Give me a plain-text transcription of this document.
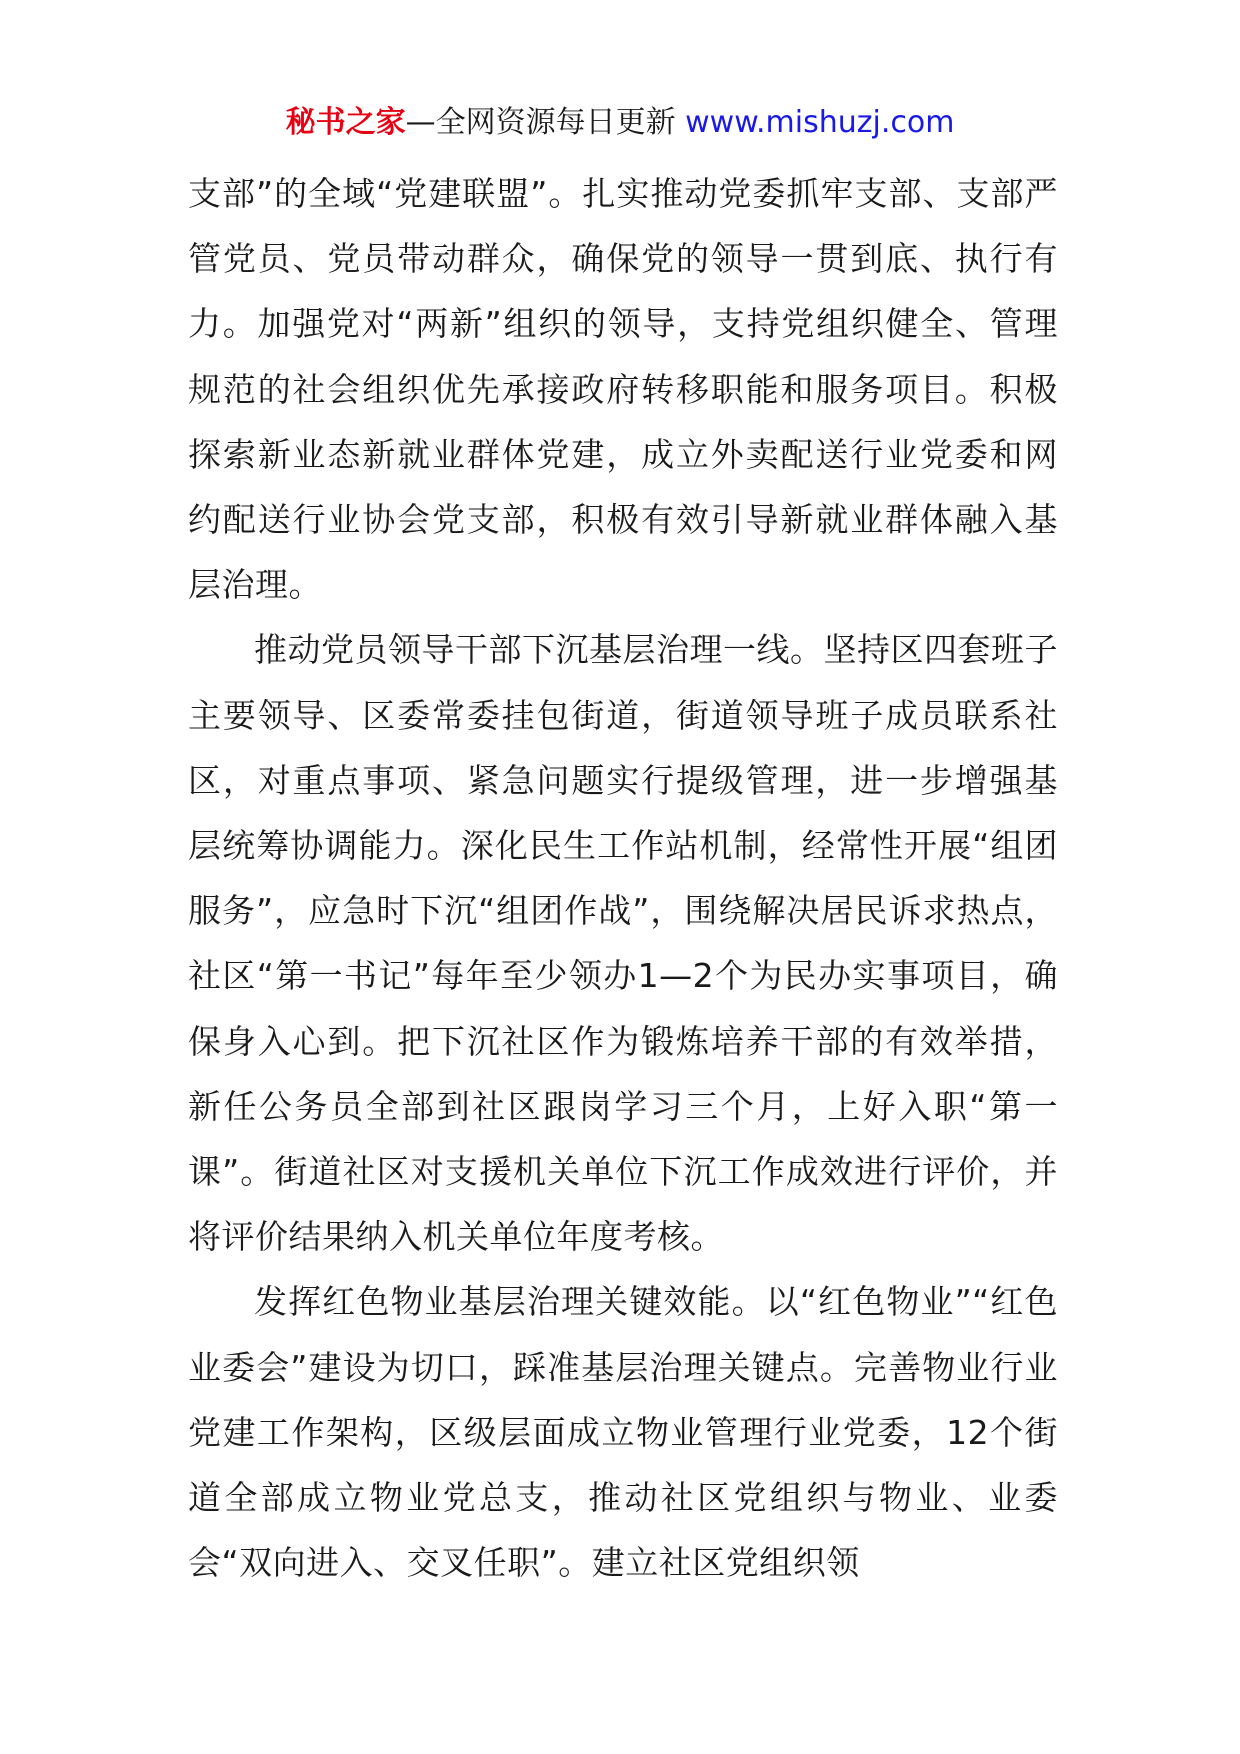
秘书之家—全网资源每日更新 www.mishuzj.com

支部”的全域“党建联盟”。扎实推动党委抓牢支部、支部严管党员、党员带动群众，确保党的领导一贯到底、执行有力。加强党对“两新”组织的领导，支持党组织健全、管理规范的社会组织优先承接政府转移职能和服务项目。积极探索新业态新就业群体党建，成立外卖配送行业党委和网约配送行业协会党支部，积极有效引导新就业群体融入基层治理。

推动党员领导干部下沉基层治理一线。坚持区四套班子主要领导、区委常委挂包街道，街道领导班子成员联系社区，对重点事项、紧急问题实行提级管理，进一步增强基层统筹协调能力。深化民生工作站机制，经常性开展“组团服务”，应急时下沉“组团作战”，围绕解决居民诉求热点，社区“第一书记”每年至少领办1—2个为民办实事项目，确保身入心到。把下沉社区作为锻炼培养干部的有效举措，新任公务员全部到社区跟岗学习三个月，上好入职“第一课”。街道社区对支援机关单位下沉工作成效进行评价，并将评价结果纳入机关单位年度考核。

发挥红色物业基层治理关键效能。以“红色物业”“红色业委会”建设为切口，踩准基层治理关键点。完善物业行业党建工作架构，区级层面成立物业管理行业党委，12个街道全部成立物业党总支，推动社区党组织与物业、业委会“双向进入、交叉任职”。建立社区党组织领
